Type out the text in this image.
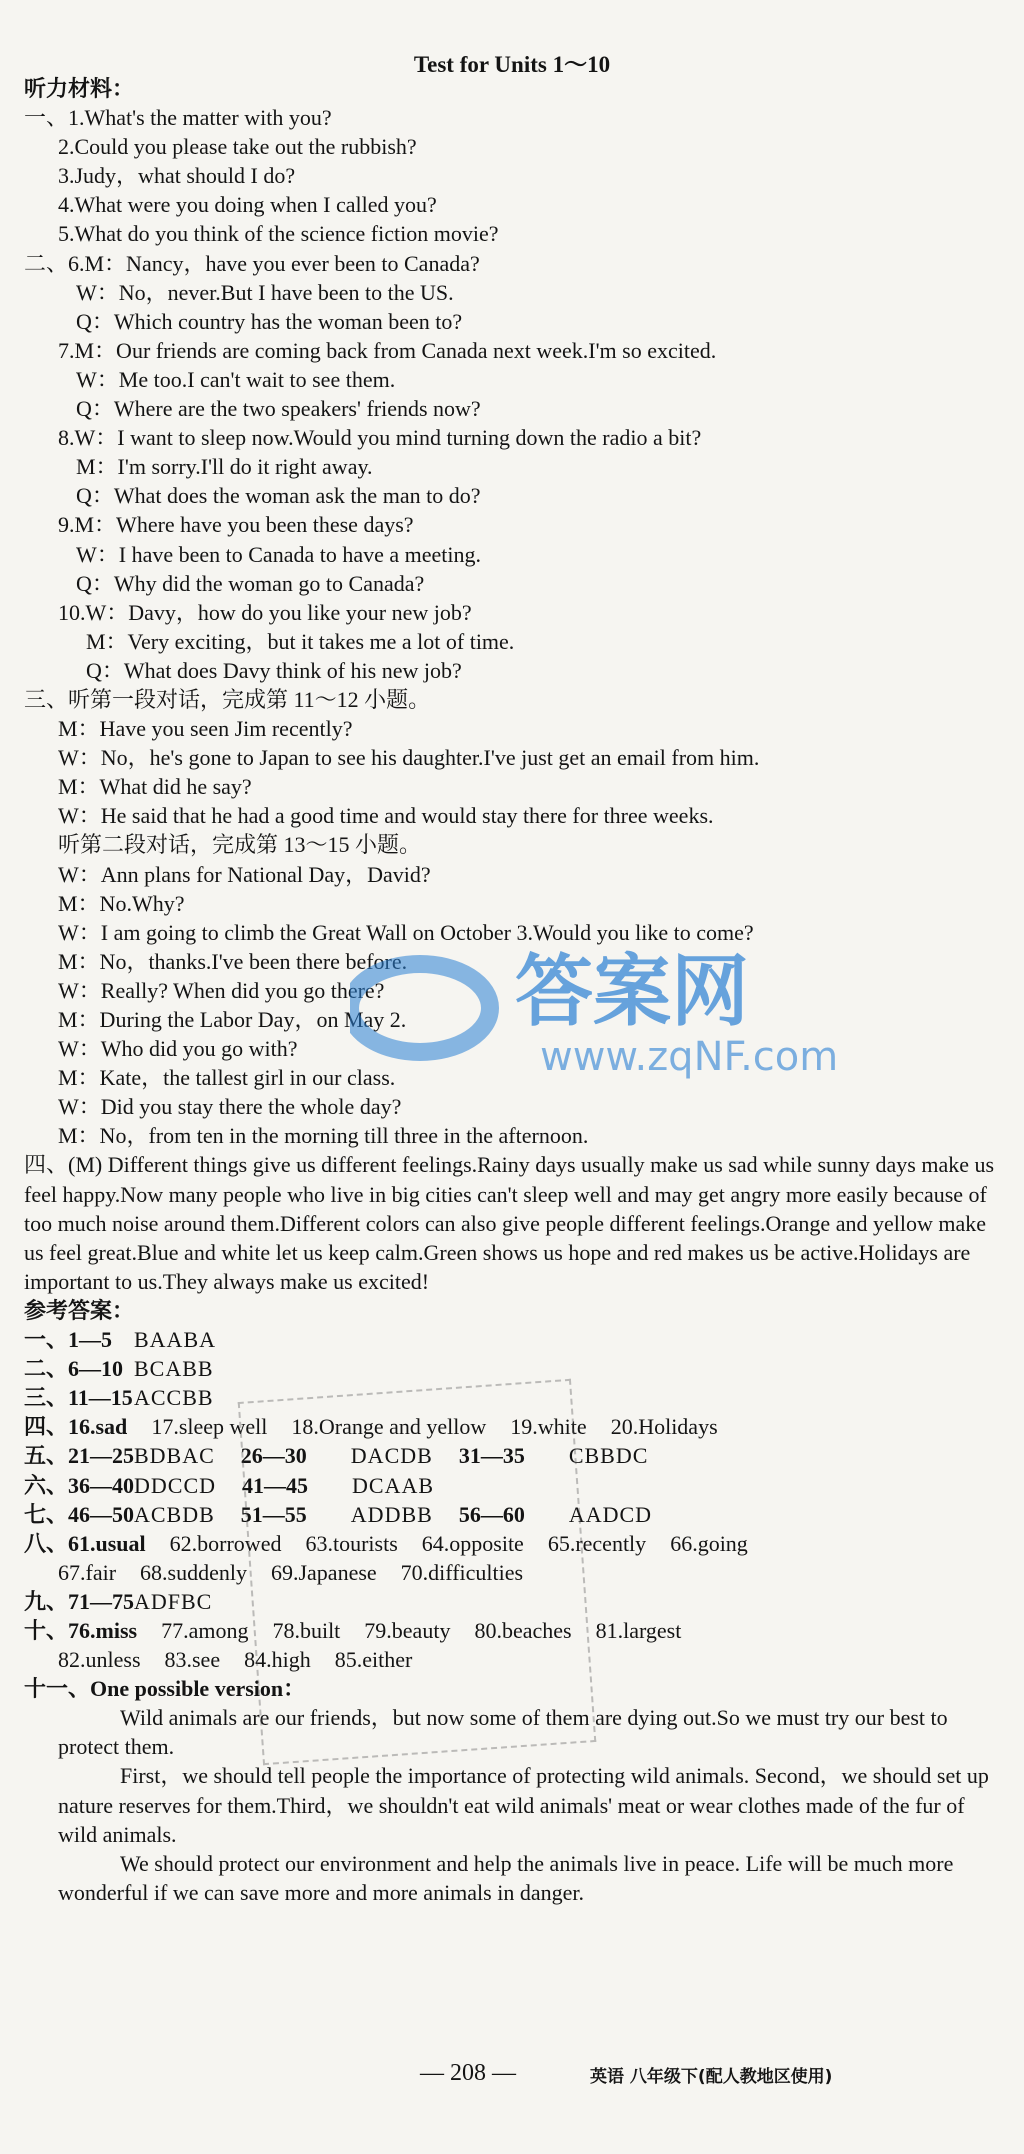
Test for Units 1～10
听力材料：
一、1.What's the matter with you?
2.Could you please take out the rubbish?
3.Judy，what should I do?
4.What were you doing when I called you?
5.What do you think of the science fiction movie?
二、6.M：Nancy，have you ever been to Canada?
W：No，never.But I have been to the US.
Q：Which country has the woman been to?
7.M：Our friends are coming back from Canada next week.I'm so excited.
W：Me too.I can't wait to see them.
Q：Where are the two speakers' friends now?
8.W：I want to sleep now.Would you mind turning down the radio a bit?
M：I'm sorry.I'll do it right away.
Q：What does the woman ask the man to do?
9.M：Where have you been these days?
W：I have been to Canada to have a meeting.
Q：Why did the woman go to Canada?
10.W：Davy，how do you like your new job?
M：Very exciting，but it takes me a lot of time.
Q：What does Davy think of his new job?
三、听第一段对话，完成第 11～12 小题。
M：Have you seen Jim recently?
W：No，he's gone to Japan to see his daughter.I've just get an email from him.
M：What did he say?
W：He said that he had a good time and would stay there for three weeks.
听第二段对话，完成第 13～15 小题。
W：Ann plans for National Day，David?
M：No.Why?
W：I am going to climb the Great Wall on October 3.Would you like to come?
M：No，thanks.I've been there before.
W：Really? When did you go there?
M：During the Labor Day，on May 2.
W：Who did you go with?
M：Kate，the tallest girl in our class.
W：Did you stay there the whole day?
M：No，from ten in the morning till three in the afternoon.
四、(M) Different things give us different feelings.Rainy days usually make us sad while sunny days make us feel happy.Now many people who live in big cities can't sleep well and may get angry more easily because of too much noise around them.Different colors can also give people different feelings.Orange and yellow make us feel great.Blue and white let us keep calm.Green shows us hope and red makes us be active.Holidays are important to us.They always make us excited!
参考答案：
一、1—5 BAABA
二、6—10 BCABB
三、11—15ACCBB
四、16.sad 17.sleep well 18.Orange and yellow 19.white 20.Holidays
五、21—25BDBAC 26—30 DACDB 31—35 CBBDC
六、36—40DDCCD 41—45 DCAAB
七、46—50ACBDB 51—55 ADDBB 56—60 AADCD
八、61.usual 62.borrowed 63.tourists 64.opposite 65.recently 66.going
67.fair 68.suddenly 69.Japanese 70.difficulties
九、71—75ADFBC
十、76.miss 77.among 78.built 79.beauty 80.beaches 81.largest
82.unless 83.see 84.high 85.either
十一、One possible version：
Wild animals are our friends，but now some of them are dying out.So we must try our best to protect them.
First，we should tell people the importance of protecting wild animals. Second，we should set up nature reserves for them.Third，we shouldn't eat wild animals' meat or wear clothes made of the fur of wild animals.
We should protect our environment and help the animals live in peace. Life will be much more wonderful if we can save more and more animals in danger.
答案网
www.zqNF.com
— 208 —	英语 八年级下(配人教地区使用)
